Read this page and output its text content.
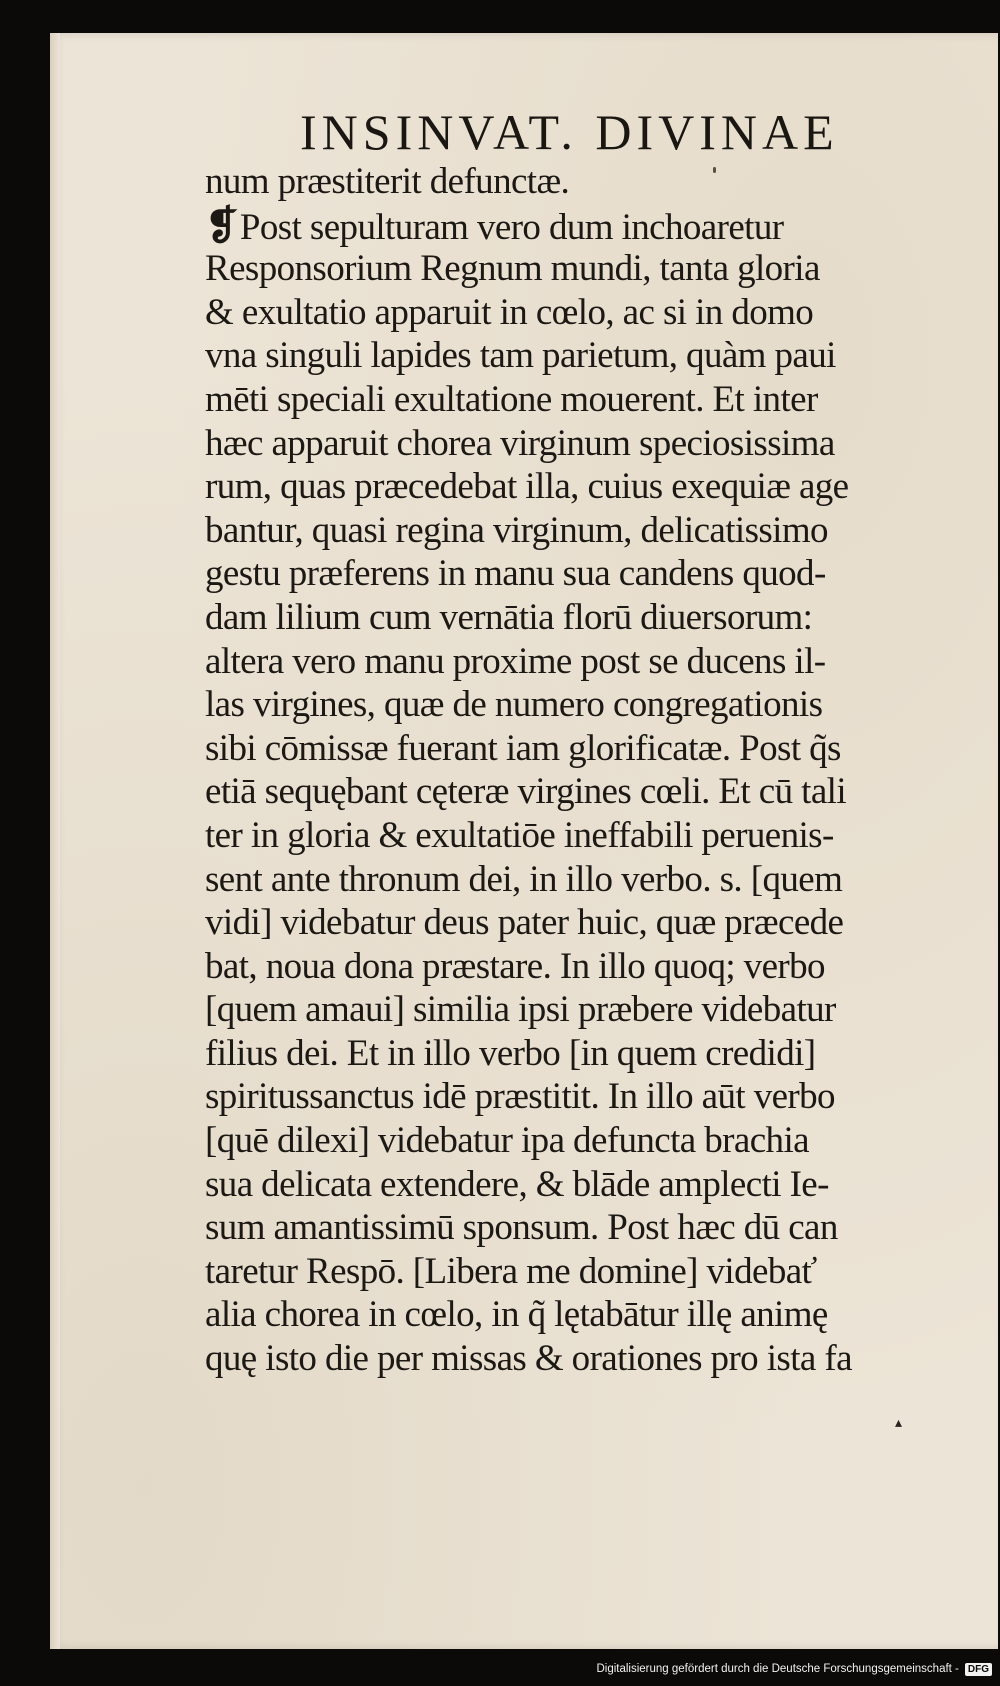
INSINVAT. DIVINAE
num præstiterit defunctæ.
❡Post sepulturam vero dum inchoaretur
Responsorium Regnum mundi, tanta gloria
& exultatio apparuit in cœlo, ac si in domo
vna singuli lapides tam parietum, quàm paui
mēti speciali exultatione mouerent. Et inter
hæc apparuit chorea virginum speciosissima
rum, quas præcedebat illa, cuius exequiæ age
bantur, quasi regina virginum, delicatissimo
gestu præferens in manu sua candens quod-
dam lilium cum vernātia florū diuersorum:
altera vero manu proxime post se ducens il-
las virgines, quæ de numero congregationis
sibi cōmissæ fuerant iam glorificatæ. Post q̃s
etiā sequębant cęteræ virgines cœli. Et cū tali
ter in gloria & exultatiōe ineffabili peruenis-
sent ante thronum dei, in illo verbo. s. [quem
vidi] videbatur deus pater huic, quæ præcede
bat, noua dona præstare. In illo quoq; verbo
[quem amaui] similia ipsi præbere videbatur
filius dei. Et in illo verbo [in quem credidi]
spiritussanctus idē præstitit. In illo aūt verbo
[quē dilexi] videbatur ipa defuncta brachia
sua delicata extendere, & blāde amplecti Ie-
sum amantissimū sponsum. Post hæc dū can
taretur Respō. [Libera me domine] videbať
alia chorea in cœlo, in q̃ lętabātur illę animę
quę isto die per missas & orationes pro ista fa
▴
Digitalisierung gefördert durch die Deutsche Forschungsgemeinschaft - DFG
